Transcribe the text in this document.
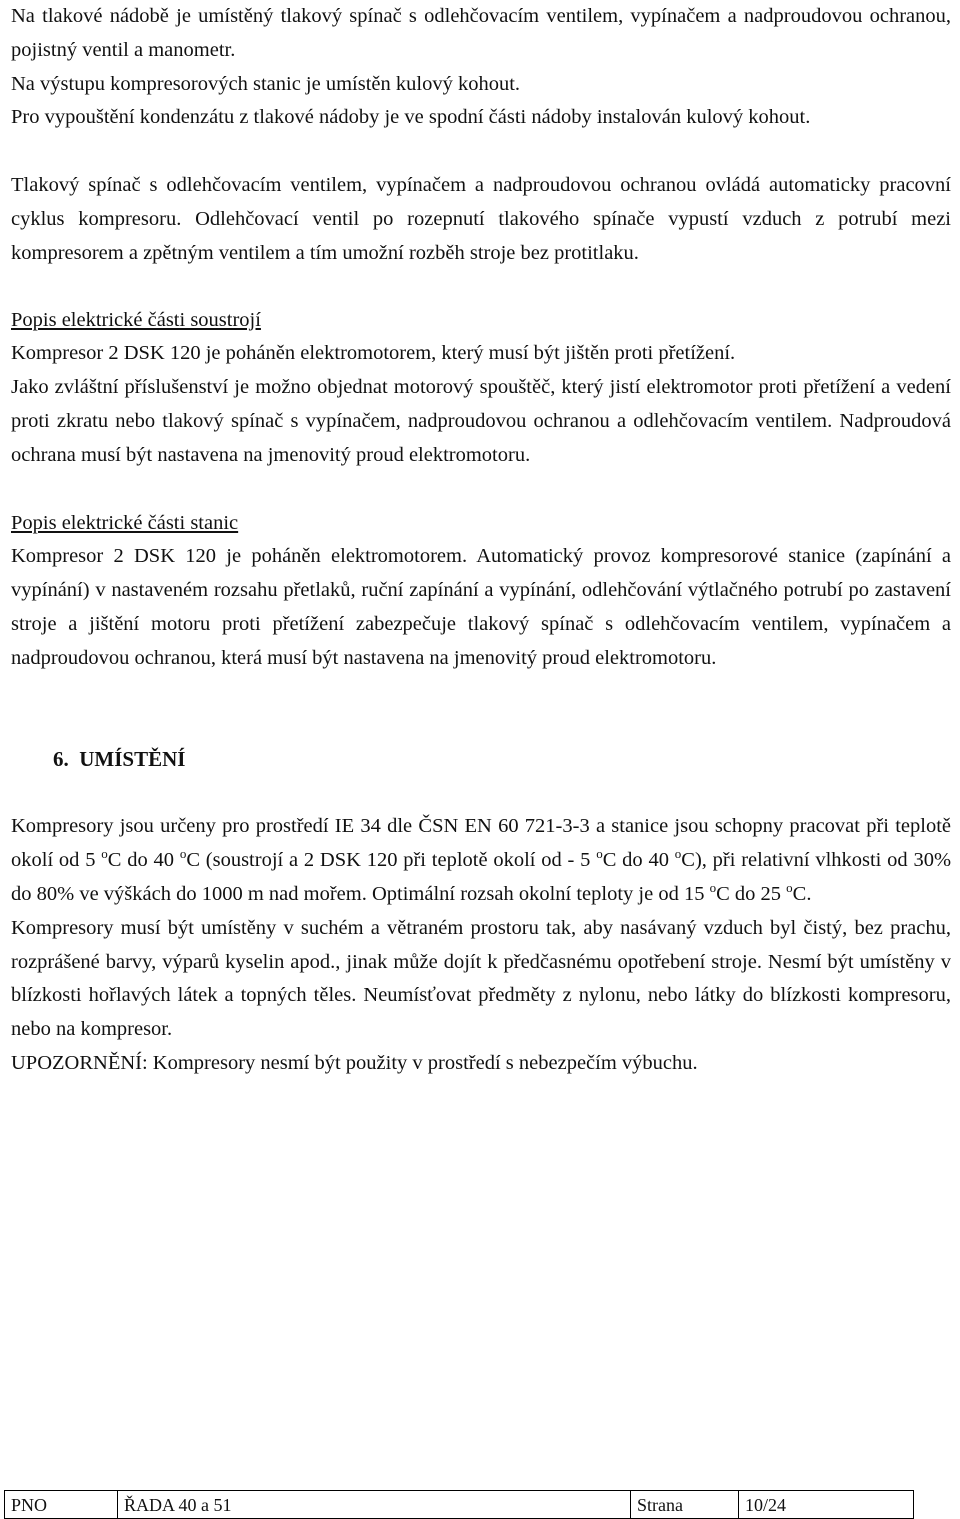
Na tlakové nádobě je umístěný tlakový spínač s odlehčovacím ventilem, vypínačem a nadproudovou ochranou, pojistný ventil a manometr.
Na výstupu kompresorových stanic je umístěn kulový kohout.
Pro vypouštění kondenzátu z tlakové nádoby je ve spodní části nádoby instalován kulový kohout.

Tlakový spínač s odlehčovacím ventilem, vypínačem a nadproudovou ochranou ovládá automaticky pracovní cyklus kompresoru. Odlehčovací ventil po rozepnutí tlakového spínače vypustí vzduch z potrubí mezi kompresorem a zpětným ventilem a tím umožní rozběh stroje bez protitlaku.

Popis elektrické části soustrojí

Kompresor 2 DSK 120 je poháněn elektromotorem, který musí být jištěn proti přetížení.

Jako zvláštní příslušenství je možno objednat motorový spouštěč, který jistí elektromotor proti přetížení a vedení proti zkratu nebo tlakový spínač s vypínačem, nadproudovou ochranou a odlehčovacím ventilem. Nadproudová ochrana musí být nastavena na jmenovitý proud elektromotoru.

Popis elektrické části stanic

Kompresor 2 DSK 120 je poháněn elektromotorem. Automatický provoz kompresorové stanice (zapínání a vypínání) v nastaveném rozsahu přetlaků, ruční zapínání a vypínání, odlehčování výtlačného potrubí po zastavení stroje a jištění motoru proti přetížení zabezpečuje tlakový spínač s odlehčovacím ventilem, vypínačem a nadproudovou ochranou, která musí být nastavena na jmenovitý proud elektromotoru.

6. UMÍSTĚNÍ

Kompresory jsou určeny pro prostředí IE 34 dle ČSN EN 60 721-3-3 a stanice jsou schopny pracovat při teplotě okolí od 5 $^o$C do 40 $^o$C (soustrojí a 2 DSK 120 při teplotě okolí od - 5 $^o$C do 40 $^o$C), při relativní vlhkosti od 30% do 80% ve výškách do 1000 m nad mořem. Optimální rozsah okolní teploty je od 15 $^o$C do 25 $^o$C.

Kompresory musí být umístěny v suchém a větraném prostoru tak, aby nasávaný vzduch byl čistý, bez prachu, rozprášené barvy, výparů kyselin apod., jinak může dojít k předčasnému opotřebení stroje. Nesmí být umístěny v blízkosti hořlavých látek a topných těles. Neumísťovat předměty z nylonu, nebo látky do blízkosti kompresoru, nebo na kompresor.

UPOZORNĚNÍ: Kompresory nesmí být použity v prostředí s nebezpečím výbuchu.

PNO	ŘADA 40 a 51	Strana	10/24
